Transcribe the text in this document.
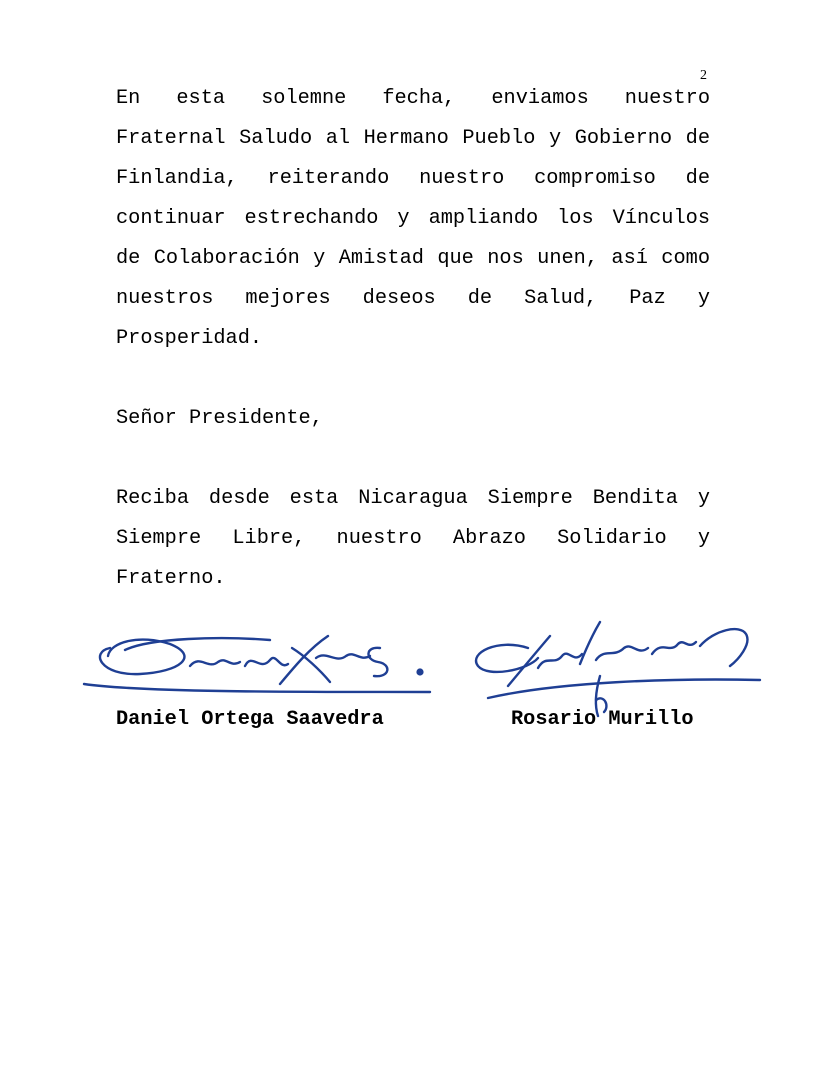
2

En esta solemne fecha, enviamos nuestro Fraternal Saludo al Hermano Pueblo y Gobierno de Finlandia, reiterando nuestro compromiso de continuar estrechando y ampliando los Vínculos de Colaboración y Amistad que nos unen, así como nuestros mejores deseos de Salud, Paz y Prosperidad.

Señor Presidente,

Reciba desde esta Nicaragua Siempre Bendita y Siempre Libre, nuestro Abrazo Solidario y Fraterno.

Daniel Ortega Saavedra	Rosario Murillo
